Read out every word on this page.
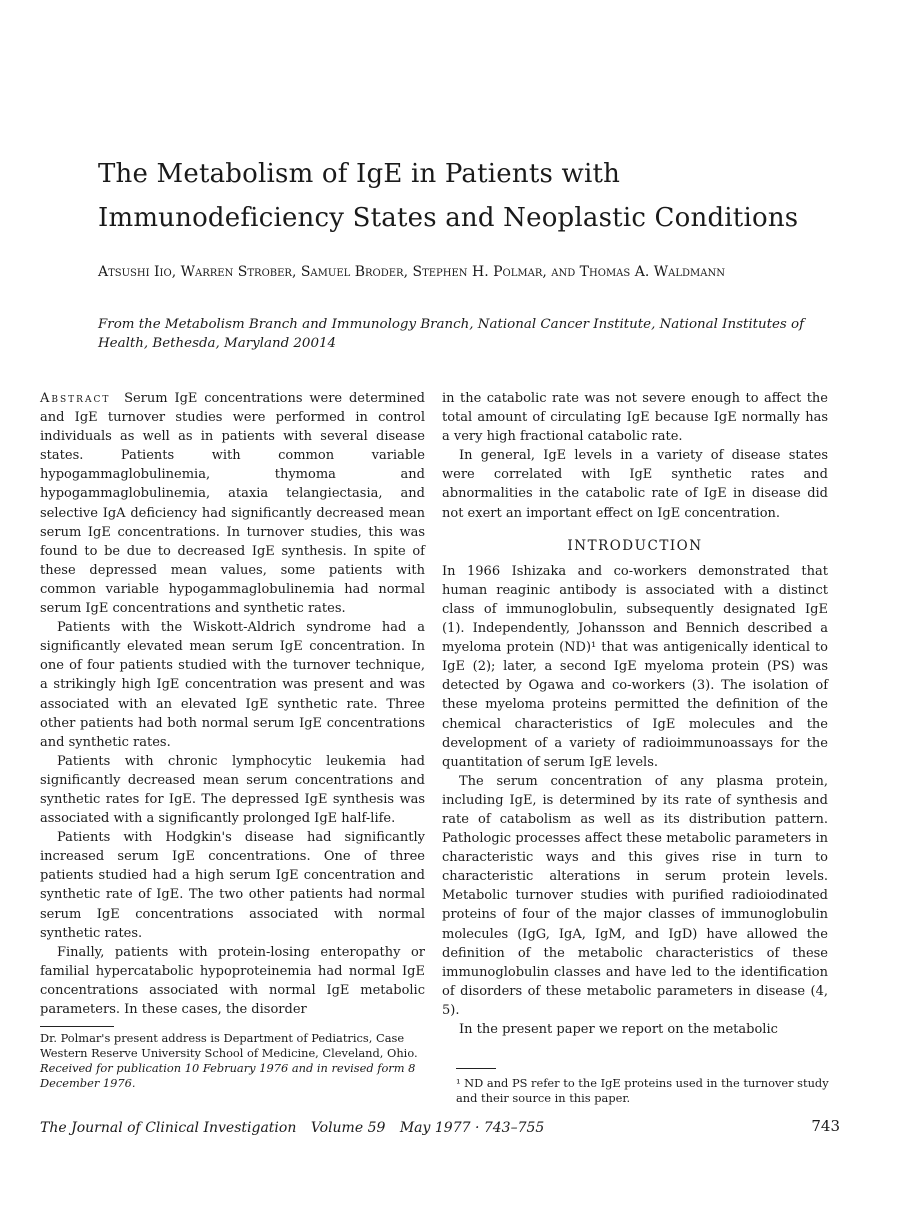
The Metabolism of IgE in Patients with Immunodeficiency States and Neoplastic Conditions

Atsushi Iio, Warren Strober, Samuel Broder, Stephen H. Polmar, and Thomas A. Waldmann

From the Metabolism Branch and Immunology Branch, National Cancer Institute, National Institutes of Health, Bethesda, Maryland 20014

Abstract Serum IgE concentrations were determined and IgE turnover studies were performed in control individuals as well as in patients with several disease states. Patients with common variable hypogammaglobulinemia, thymoma and hypogammaglobulinemia, ataxia telangiectasia, and selective IgA deficiency had significantly decreased mean serum IgE concentrations. In turnover studies, this was found to be due to decreased IgE synthesis. In spite of these depressed mean values, some patients with common variable hypogammaglobulinemia had normal serum IgE concentrations and synthetic rates.

Patients with the Wiskott-Aldrich syndrome had a significantly elevated mean serum IgE concentration. In one of four patients studied with the turnover technique, a strikingly high IgE concentration was present and was associated with an elevated IgE synthetic rate. Three other patients had both normal serum IgE concentrations and synthetic rates.

Patients with chronic lymphocytic leukemia had significantly decreased mean serum concentrations and synthetic rates for IgE. The depressed IgE synthesis was associated with a significantly prolonged IgE half-life.

Patients with Hodgkin's disease had significantly increased serum IgE concentrations. One of three patients studied had a high serum IgE concentration and synthetic rate of IgE. The two other patients had normal serum IgE concentrations associated with normal synthetic rates.

Finally, patients with protein-losing enteropathy or familial hypercatabolic hypoproteinemia had normal IgE concentrations associated with normal IgE metabolic parameters. In these cases, the disorder

in the catabolic rate was not severe enough to affect the total amount of circulating IgE because IgE normally has a very high fractional catabolic rate.

In general, IgE levels in a variety of disease states were correlated with IgE synthetic rates and abnormalities in the catabolic rate of IgE in disease did not exert an important effect on IgE concentration.

INTRODUCTION

In 1966 Ishizaka and co-workers demonstrated that human reaginic antibody is associated with a distinct class of immunoglobulin, subsequently designated IgE (1). Independently, Johansson and Bennich described a myeloma protein (ND)¹ that was antigenically identical to IgE (2); later, a second IgE myeloma protein (PS) was detected by Ogawa and co-workers (3). The isolation of these myeloma proteins permitted the definition of the chemical characteristics of IgE molecules and the development of a variety of radioimmunoassays for the quantitation of serum IgE levels.

The serum concentration of any plasma protein, including IgE, is determined by its rate of synthesis and rate of catabolism as well as its distribution pattern. Pathologic processes affect these metabolic parameters in characteristic ways and this gives rise in turn to characteristic alterations in serum protein levels. Metabolic turnover studies with purified radioiodinated proteins of four of the major classes of immunoglobulin molecules (IgG, IgA, IgM, and IgD) have allowed the definition of the metabolic characteristics of these immunoglobulin classes and have led to the identification of disorders of these metabolic parameters in disease (4, 5).

In the present paper we report on the metabolic

Dr. Polmar's present address is Department of Pediatrics, Case Western Reserve University School of Medicine, Cleveland, Ohio.

Received for publication 10 February 1976 and in revised form 8 December 1976.	¹ ND and PS refer to the IgE proteins used in the turnover study and their source in this paper.

The Journal of Clinical Investigation Volume 59 May 1977 · 743–755	743
